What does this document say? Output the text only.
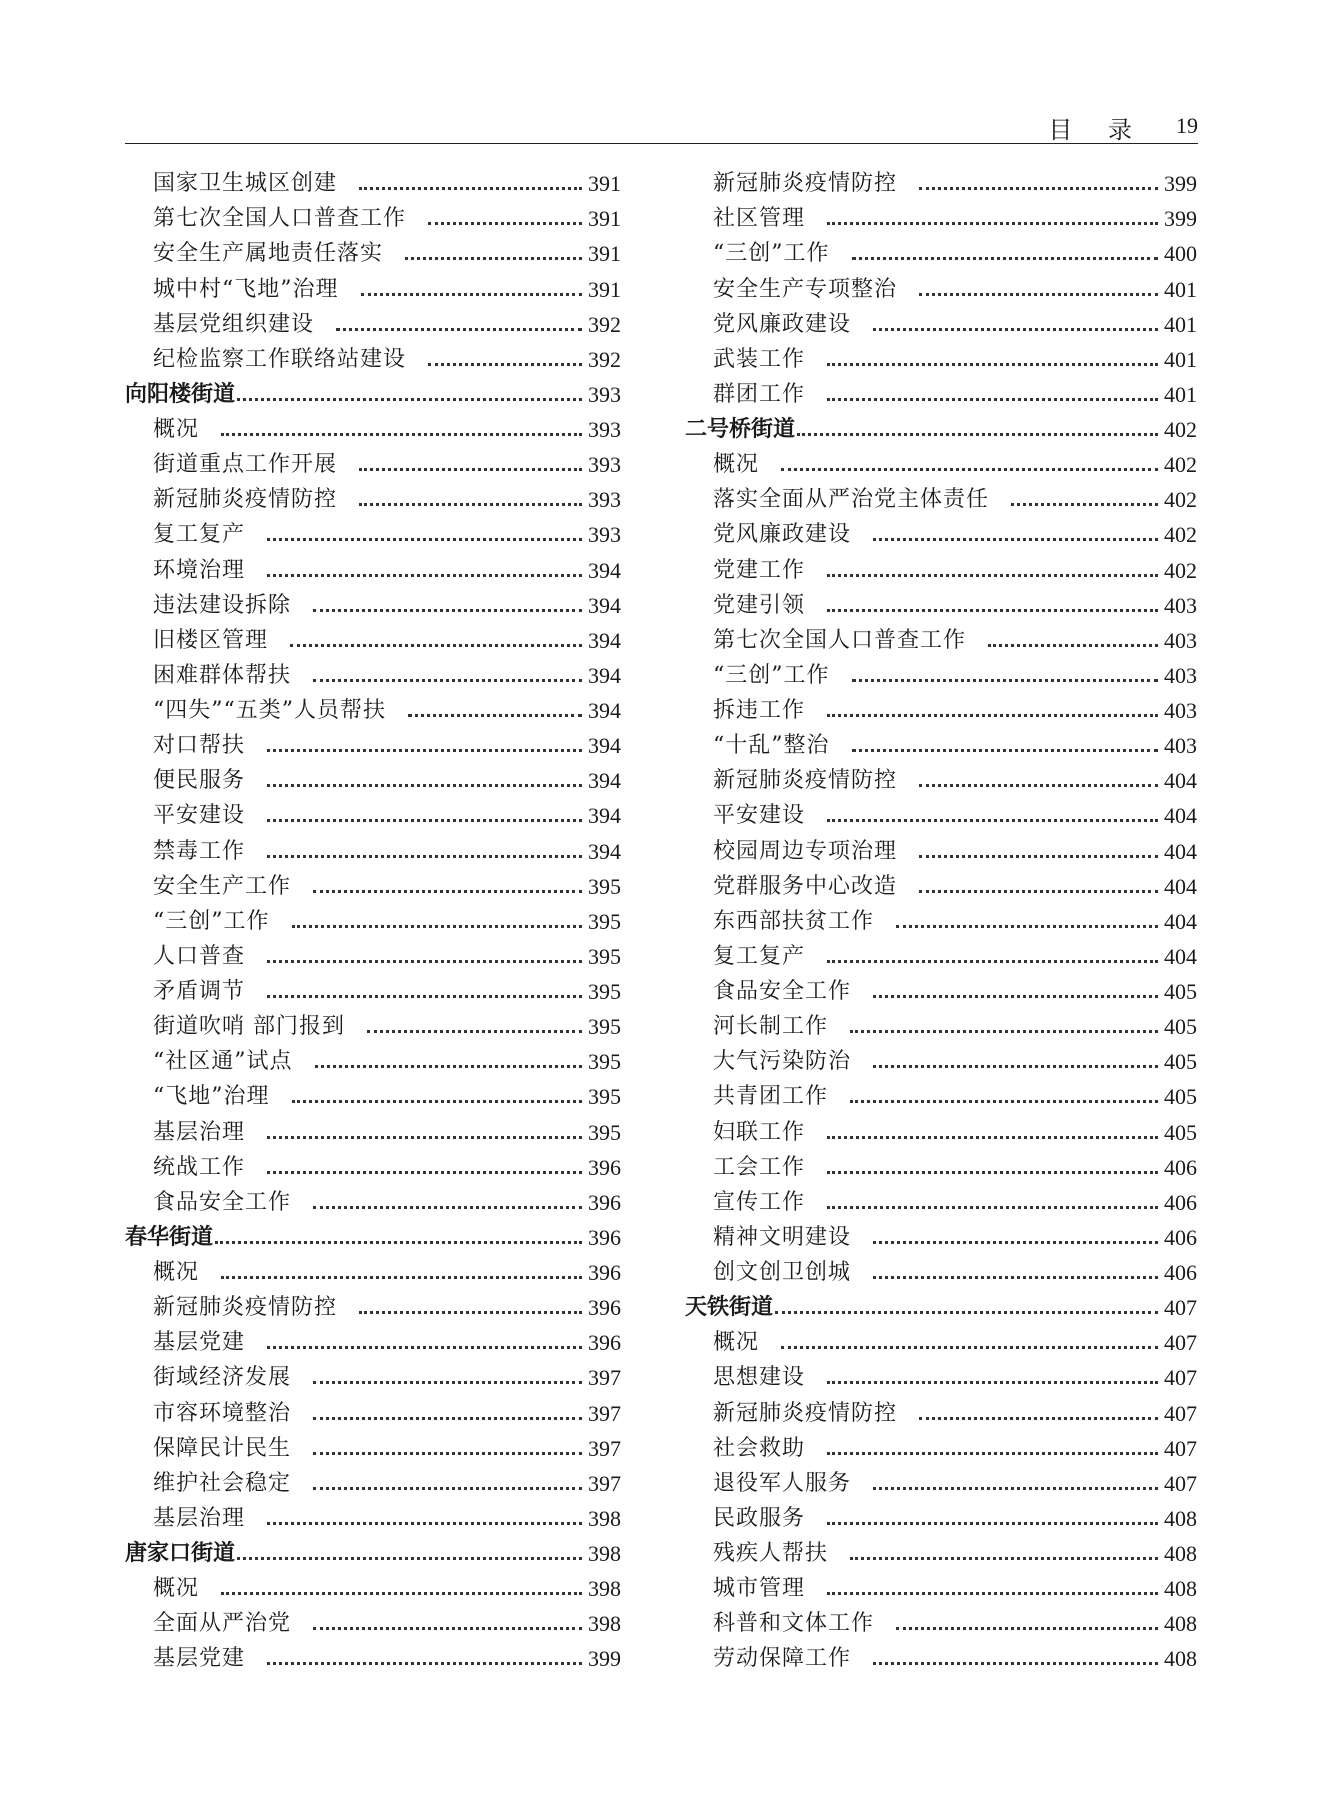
目 录 19
国家卫生城区创建	391
第七次全国人口普查工作	391
安全生产属地责任落实	391
城中村“飞地”治理	391
基层党组织建设	392
纪检监察工作联络站建设	392
向阳楼街道	393
概况	393
街道重点工作开展	393
新冠肺炎疫情防控	393
复工复产	393
环境治理	394
违法建设拆除	394
旧楼区管理	394
困难群体帮扶	394
“四失”“五类”人员帮扶	394
对口帮扶	394
便民服务	394
平安建设	394
禁毒工作	394
安全生产工作	395
“三创”工作	395
人口普查	395
矛盾调节	395
街道吹哨 部门报到	395
“社区通”试点	395
“飞地”治理	395
基层治理	395
统战工作	396
食品安全工作	396
春华街道	396
概况	396
新冠肺炎疫情防控	396
基层党建	396
街域经济发展	397
市容环境整治	397
保障民计民生	397
维护社会稳定	397
基层治理	398
唐家口街道	398
概况	398
全面从严治党	398
基层党建	399
新冠肺炎疫情防控	399
社区管理	399
“三创”工作	400
安全生产专项整治	401
党风廉政建设	401
武装工作	401
群团工作	401
二号桥街道	402
概况	402
落实全面从严治党主体责任	402
党风廉政建设	402
党建工作	402
党建引领	403
第七次全国人口普查工作	403
“三创”工作	403
拆违工作	403
“十乱”整治	403
新冠肺炎疫情防控	404
平安建设	404
校园周边专项治理	404
党群服务中心改造	404
东西部扶贫工作	404
复工复产	404
食品安全工作	405
河长制工作	405
大气污染防治	405
共青团工作	405
妇联工作	405
工会工作	406
宣传工作	406
精神文明建设	406
创文创卫创城	406
天铁街道	407
概况	407
思想建设	407
新冠肺炎疫情防控	407
社会救助	407
退役军人服务	407
民政服务	408
残疾人帮扶	408
城市管理	408
科普和文体工作	408
劳动保障工作	408
